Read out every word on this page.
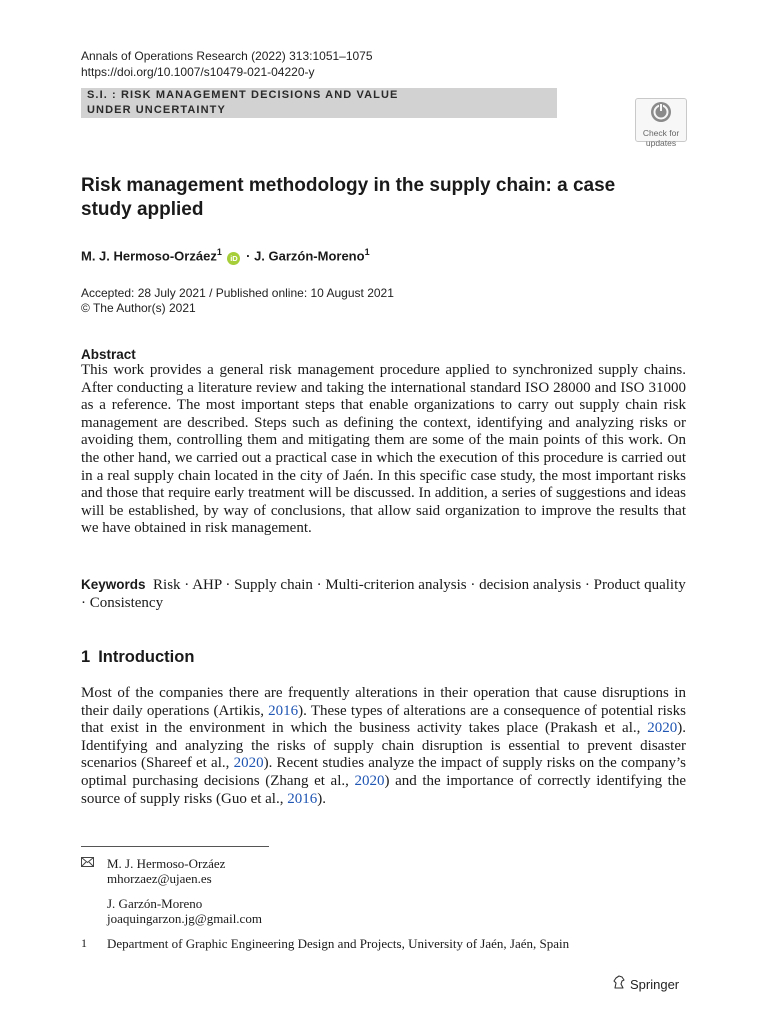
Annals of Operations Research (2022) 313:1051–1075
https://doi.org/10.1007/s10479-021-04220-y
S.I. : RISK MANAGEMENT DECISIONS AND VALUE
UNDER UNCERTAINTY
Check for
updates
Risk management methodology in the supply chain: a case study applied
M. J. Hermoso-Orzáez$^1$ iD · J. Garzón-Moreno$^1$
Accepted: 28 July 2021 / Published online: 10 August 2021
© The Author(s) 2021
Abstract
This work provides a general risk management procedure applied to synchronized supply chains. After conducting a literature review and taking the international standard ISO 28000 and ISO 31000 as a reference. The most important steps that enable organizations to carry out supply chain risk management are described. Steps such as defining the context, identifying and analyzing risks or avoiding them, controlling them and mitigating them are some of the main points of this work. On the other hand, we carried out a practical case in which the execution of this procedure is carried out in a real supply chain located in the city of Jaén. In this specific case study, the most important risks and those that require early treatment will be discussed. In addition, a series of suggestions and ideas will be established, by way of conclusions, that allow said organization to improve the results that we have obtained in risk management.
Keywords Risk · AHP · Supply chain · Multi-criterion analysis · decision analysis · Product quality · Consistency
1 Introduction
Most of the companies there are frequently alterations in their operation that cause disruptions in their daily operations (Artikis, 2016). These types of alterations are a consequence of potential risks that exist in the environment in which the business activity takes place (Prakash et al., 2020). Identifying and analyzing the risks of supply chain disruption is essential to prevent disaster scenarios (Shareef et al., 2020). Recent studies analyze the impact of supply risks on the company’s optimal purchasing decisions (Zhang et al., 2020) and the importance of correctly identifying the source of supply risks (Guo et al., 2016).
M. J. Hermoso-Orzáez
mhorzaez@ujaen.es
J. Garzón-Moreno
joaquingarzon.jg@gmail.com
1 Department of Graphic Engineering Design and Projects, University of Jaén, Jaén, Spain
Springer
